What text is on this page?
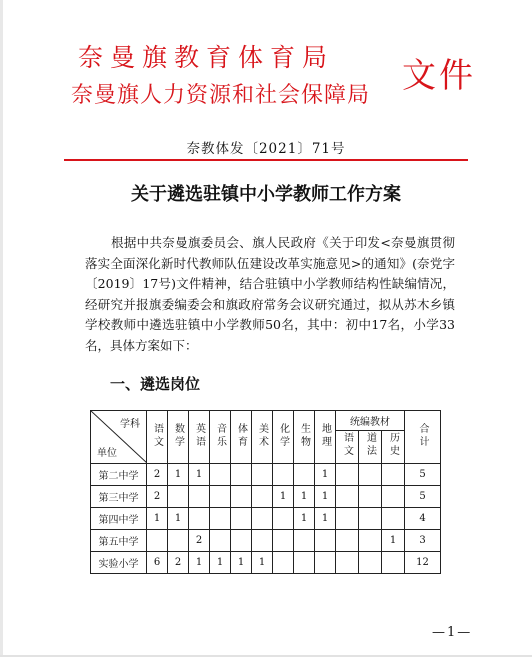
奈曼旗教育体育局
奈曼旗人力资源和社会保障局 文件
奈教体发〔2021〕71号
关于遴选驻镇中小学教师工作方案
根据中共奈曼旗委员会、旗人民政府《关于印发<奈曼旗贯彻落实全面深化新时代教师队伍建设改革实施意见>的通知》(奈党字〔2019〕17号)文件精神，结合驻镇中小学教师结构性缺编情况，经研究并报旗委编委会和旗政府常务会议研究通过，拟从苏木乡镇学校教师中遴选驻镇中小学教师50名，其中：初中17名，小学33名，具体方案如下：
一、遴选岗位
学科
单位	语文	数学	英语	音乐	体育	美术	化学	生物	地理	统编教材			合计
										语文	道法	历史	
第二中学	2	1	1						1				5
第三中学	2						1	1	1				5
第四中学	1	1						1	1				4
第五中学			2									1	3
实验小学	6	2	1	1	1	1							12
—1—
